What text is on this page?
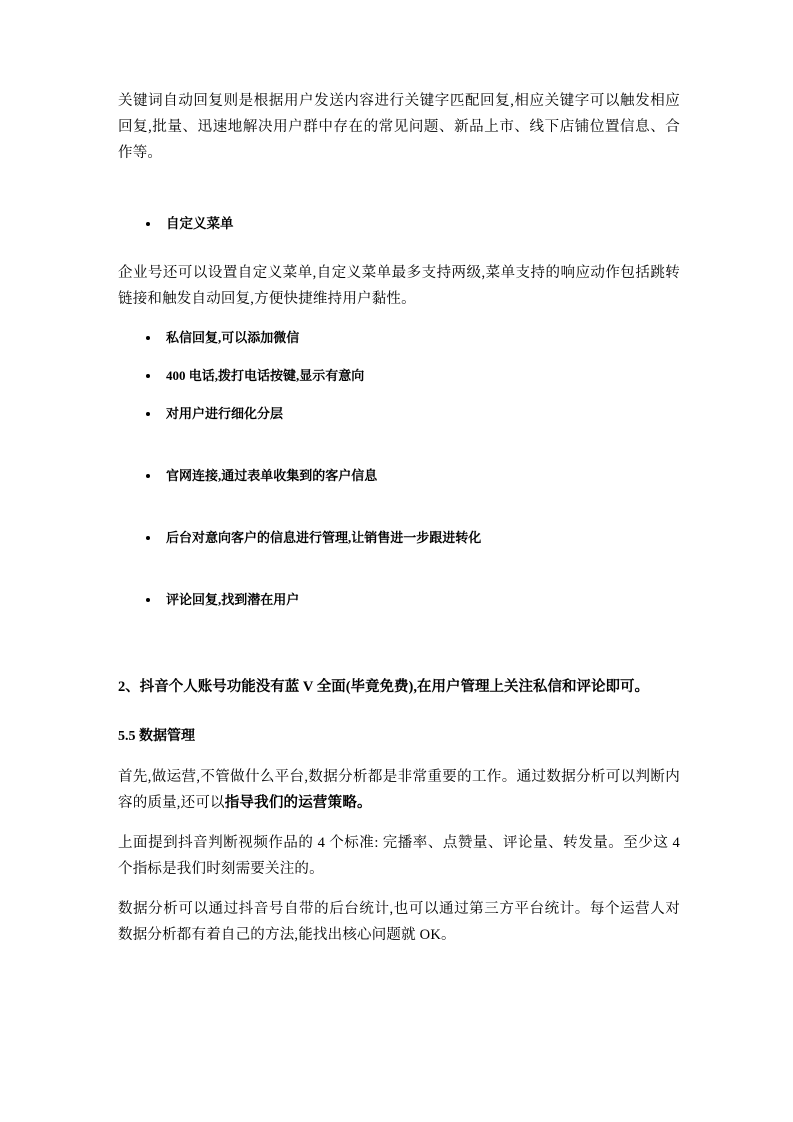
关键词自动回复则是根据用户发送内容进行关键字匹配回复,相应关键字可以触发相应回复,批量、迅速地解决用户群中存在的常见问题、新品上市、线下店铺位置信息、合作等。

自定义菜单

企业号还可以设置自定义菜单,自定义菜单最多支持两级,菜单支持的响应动作包括跳转链接和触发自动回复,方便快捷维持用户黏性。

私信回复,可以添加微信
400 电话,拨打电话按键,显示有意向
对用户进行细化分层
官网连接,通过表单收集到的客户信息
后台对意向客户的信息进行管理,让销售进一步跟进转化
评论回复,找到潜在用户

2、抖音个人账号功能没有蓝 V 全面(毕竟免费),在用户管理上关注私信和评论即可。

5.5 数据管理

首先,做运营,不管做什么平台,数据分析都是非常重要的工作。通过数据分析可以判断内容的质量,还可以指导我们的运营策略。

上面提到抖音判断视频作品的 4 个标准: 完播率、点赞量、评论量、转发量。至少这 4 个指标是我们时刻需要关注的。

数据分析可以通过抖音号自带的后台统计,也可以通过第三方平台统计。每个运营人对数据分析都有着自己的方法,能找出核心问题就 OK。
